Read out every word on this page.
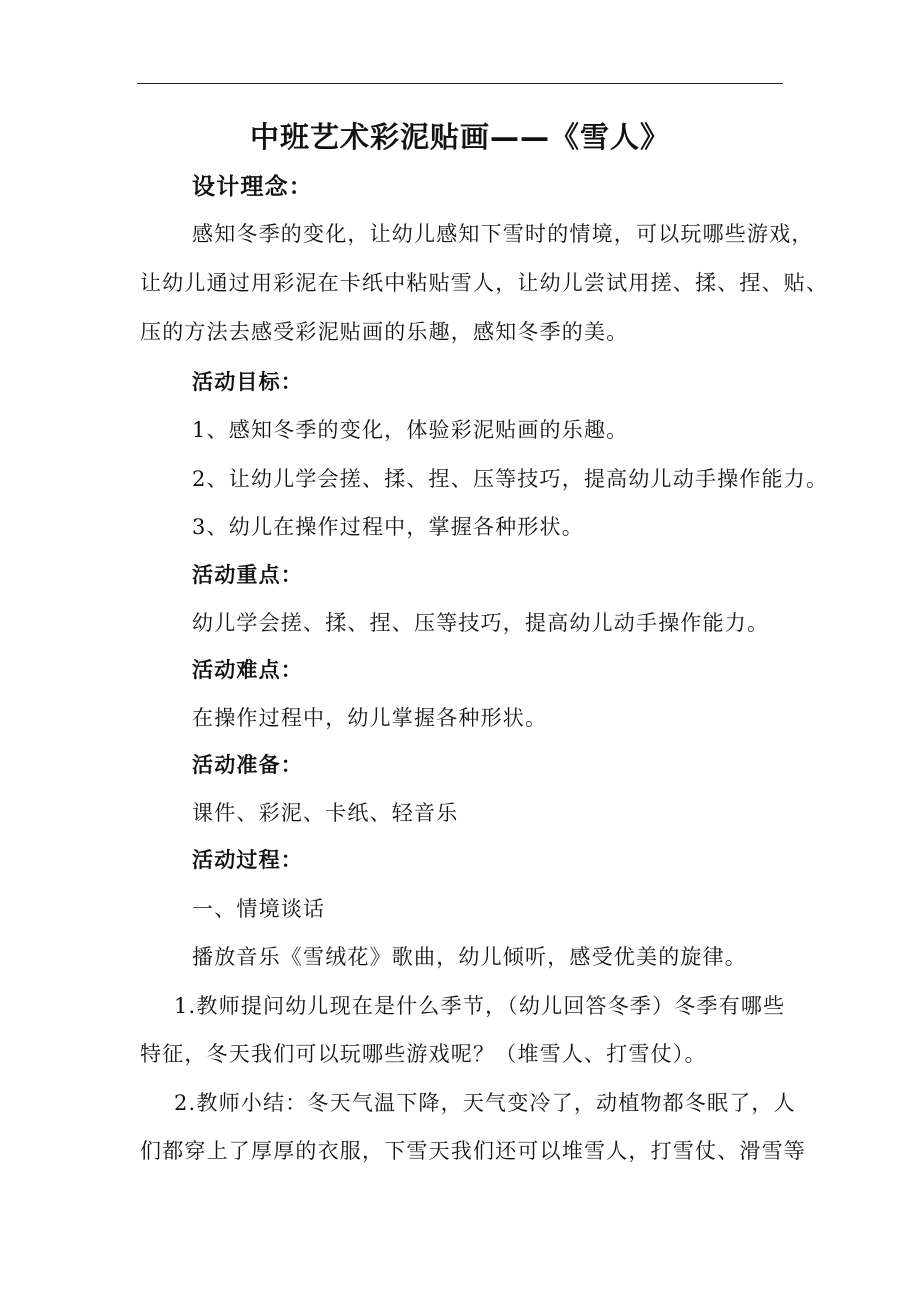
中班艺术彩泥贴画——《雪人》

设计理念：

感知冬季的变化，让幼儿感知下雪时的情境，可以玩哪些游戏，

让幼儿通过用彩泥在卡纸中粘贴雪人，让幼儿尝试用搓、揉、捏、贴、

压的方法去感受彩泥贴画的乐趣，感知冬季的美。

活动目标：

1、感知冬季的变化，体验彩泥贴画的乐趣。

2、让幼儿学会搓、揉、捏、压等技巧，提高幼儿动手操作能力。

3、幼儿在操作过程中，掌握各种形状。

活动重点：

幼儿学会搓、揉、捏、压等技巧，提高幼儿动手操作能力。

活动难点：

在操作过程中，幼儿掌握各种形状。

活动准备：

课件、彩泥、卡纸、轻音乐

活动过程：

一、情境谈话

播放音乐《雪绒花》歌曲，幼儿倾听，感受优美的旋律。

1.教师提问幼儿现在是什么季节，（幼儿回答冬季）冬季有哪些

特征，冬天我们可以玩哪些游戏呢？（堆雪人、打雪仗）。

2.教师小结：冬天气温下降，天气变冷了，动植物都冬眠了，人

们都穿上了厚厚的衣服，下雪天我们还可以堆雪人，打雪仗、滑雪等
